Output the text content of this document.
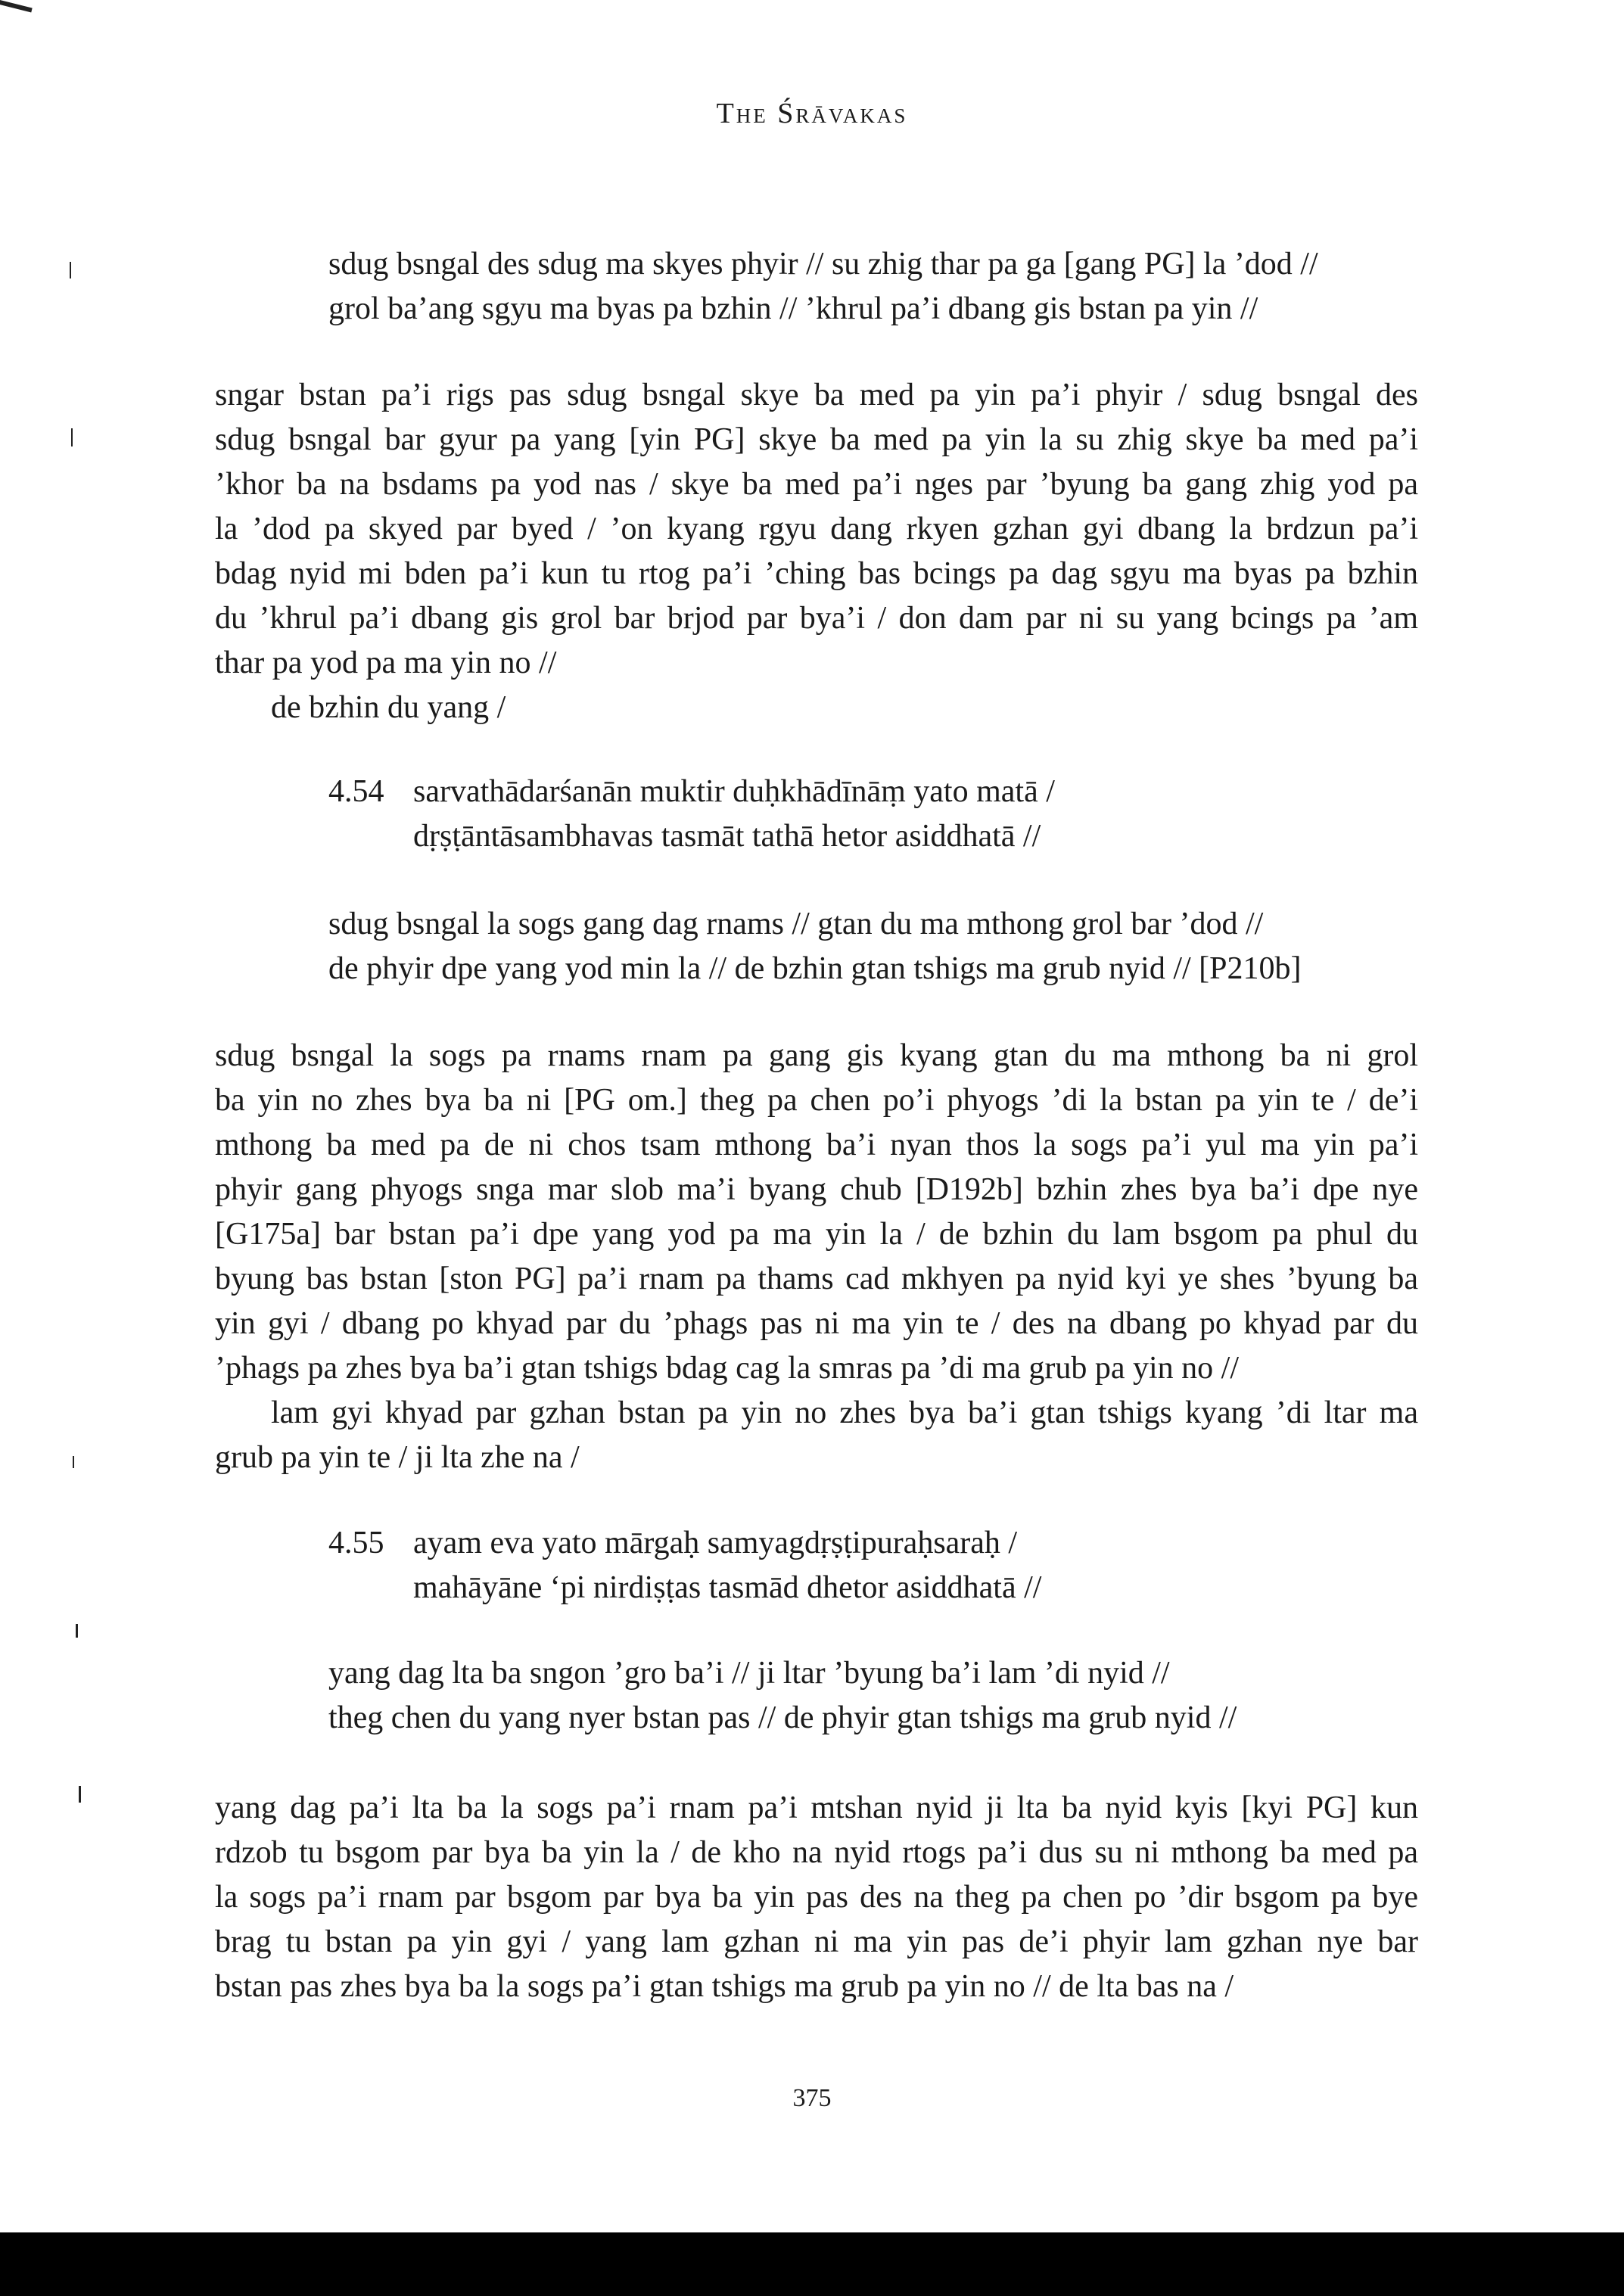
The Śrāvakas
sdug bsngal des sdug ma skyes phyir // su zhig thar pa ga [gang PG] la ’dod //
grol ba’ang sgyu ma byas pa bzhin // ’khrul pa’i dbang gis bstan pa yin //
sngar bstan pa’i rigs pas sdug bsngal skye ba med pa yin pa’i phyir / sdug bsngal des
sdug bsngal bar gyur pa yang [yin PG] skye ba med pa yin la su zhig skye ba med pa’i
’khor ba na bsdams pa yod nas / skye ba med pa’i nges par ’byung ba gang zhig yod pa
la ’dod pa skyed par byed / ’on kyang rgyu dang rkyen gzhan gyi dbang la brdzun pa’i
bdag nyid mi bden pa’i kun tu rtog pa’i ’ching bas bcings pa dag sgyu ma byas pa bzhin
du ’khrul pa’i dbang gis grol bar brjod par bya’i / don dam par ni su yang bcings pa ’am
thar pa yod pa ma yin no //
de bzhin du yang /
4.54 sarvathādarśanān muktir duḥkhādīnāṃ yato matā /
dṛṣṭāntāsambhavas tasmāt tathā hetor asiddhatā //
sdug bsngal la sogs gang dag rnams // gtan du ma mthong grol bar ’dod //
de phyir dpe yang yod min la // de bzhin gtan tshigs ma grub nyid // [P210b]
sdug bsngal la sogs pa rnams rnam pa gang gis kyang gtan du ma mthong ba ni grol
ba yin no zhes bya ba ni [PG om.] theg pa chen po’i phyogs ’di la bstan pa yin te / de’i
mthong ba med pa de ni chos tsam mthong ba’i nyan thos la sogs pa’i yul ma yin pa’i
phyir gang phyogs snga mar slob ma’i byang chub [D192b] bzhin zhes bya ba’i dpe nye
[G175a] bar bstan pa’i dpe yang yod pa ma yin la / de bzhin du lam bsgom pa phul du
byung bas bstan [ston PG] pa’i rnam pa thams cad mkhyen pa nyid kyi ye shes ’byung ba
yin gyi / dbang po khyad par du ’phags pas ni ma yin te / des na dbang po khyad par du
’phags pa zhes bya ba’i gtan tshigs bdag cag la smras pa ’di ma grub pa yin no //
lam gyi khyad par gzhan bstan pa yin no zhes bya ba’i gtan tshigs kyang ’di ltar ma
grub pa yin te / ji lta zhe na /
4.55 ayam eva yato mārgaḥ samyagdṛṣṭipuraḥsaraḥ /
mahāyāne ‘pi nirdiṣṭas tasmād dhetor asiddhatā //
yang dag lta ba sngon ’gro ba’i // ji ltar ’byung ba’i lam ’di nyid //
theg chen du yang nyer bstan pas // de phyir gtan tshigs ma grub nyid //
yang dag pa’i lta ba la sogs pa’i rnam pa’i mtshan nyid ji lta ba nyid kyis [kyi PG] kun
rdzob tu bsgom par bya ba yin la / de kho na nyid rtogs pa’i dus su ni mthong ba med pa
la sogs pa’i rnam par bsgom par bya ba yin pas des na theg pa chen po ’dir bsgom pa bye
brag tu bstan pa yin gyi / yang lam gzhan ni ma yin pas de’i phyir lam gzhan nye bar
bstan pas zhes bya ba la sogs pa’i gtan tshigs ma grub pa yin no // de lta bas na /
375
